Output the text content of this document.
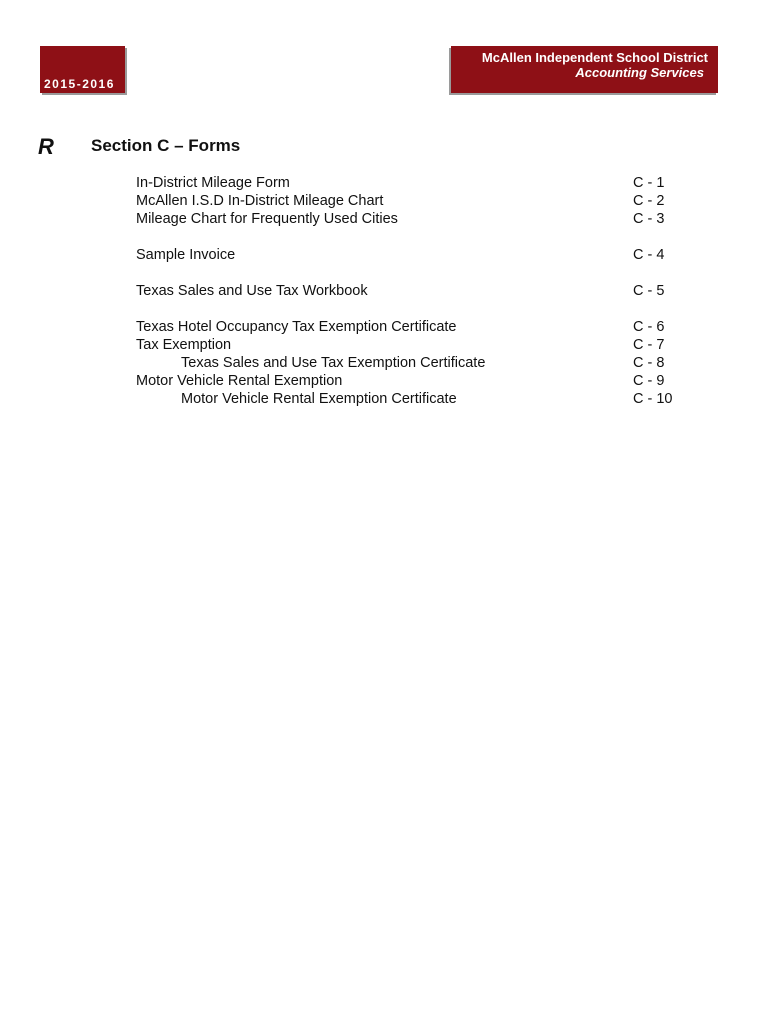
2015-2016
McAllen Independent School District
Accounting Services
R Section C – Forms
In-District Mileage Form	C - 1
McAllen I.S.D In-District Mileage Chart	C - 2
Mileage Chart for Frequently Used Cities	C - 3
Sample Invoice	C - 4
Texas Sales and Use Tax Workbook	C - 5
Texas Hotel Occupancy Tax Exemption Certificate	C - 6
Tax Exemption	C - 7
Texas Sales and Use Tax Exemption Certificate	C - 8
Motor Vehicle Rental Exemption	C - 9
Motor Vehicle Rental Exemption Certificate	C - 10
